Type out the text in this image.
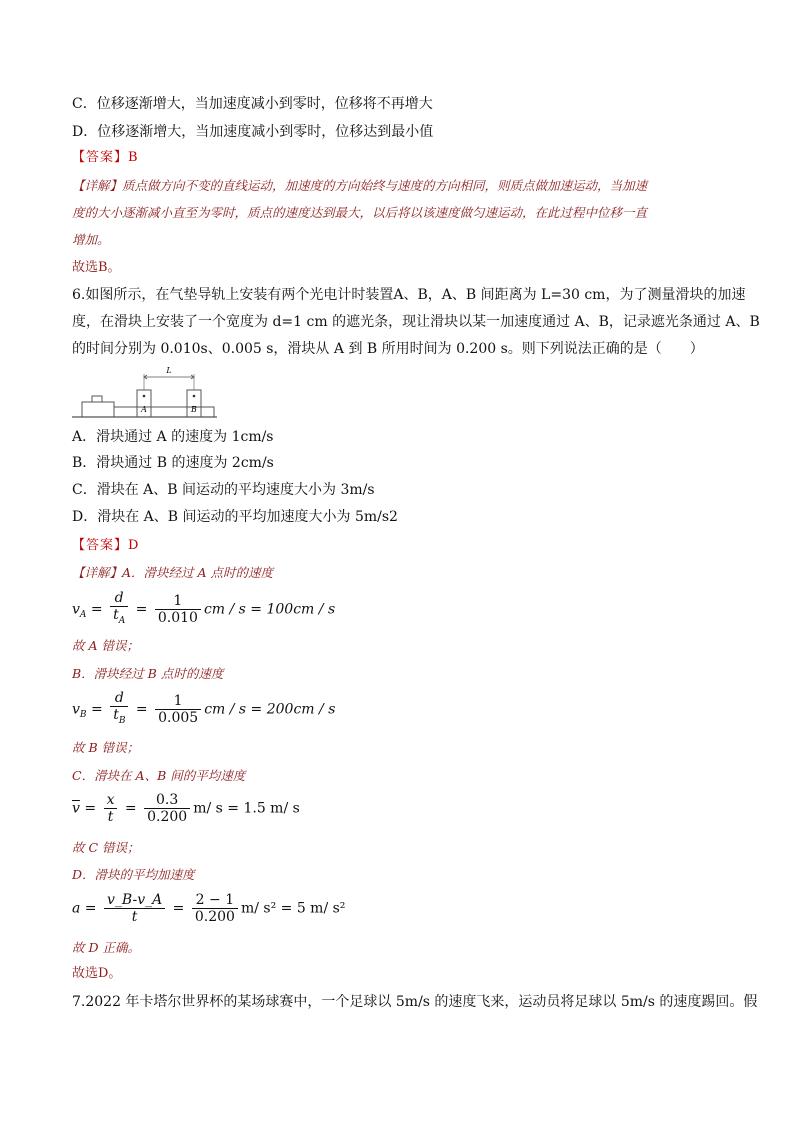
C．位移逐渐增大，当加速度减小到零时，位移将不再增大
D．位移逐渐增大，当加速度减小到零时，位移达到最小值
【答案】B
【详解】质点做方向不变的直线运动，加速度的方向始终与速度的方向相同，则质点做加速运动，当加速
度的大小逐渐减小直至为零时，质点的速度达到最大，以后将以该速度做匀速运动，在此过程中位移一直
增加。
故选B。
6.如图所示，在气垫导轨上安装有两个光电计时装置A、B，A、B 间距离为 L=30 cm，为了测量滑块的加速
度，在滑块上安装了一个宽度为 d=1 cm 的遮光条，现让滑块以某一加速度通过 A、B，记录遮光条通过 A、B
的时间分别为 0.010s、0.005 s，滑块从 A 到 B 所用时间为 0.200 s。则下列说法正确的是（　　）
L
A	B
A．滑块通过 A 的速度为 1cm/s
B．滑块通过 B 的速度为 2cm/s
C．滑块在 A、B 间运动的平均速度大小为 3m/s
D．滑块在 A、B 间运动的平均加速度大小为 5m/s2
【答案】D
【详解】A．滑块经过 A 点时的速度
$v_A = \frac{d}{t_A} = \frac{1}{0.010}$ cm / s = 100cm / s
故 A 错误；
B．滑块经过 B 点时的速度
$v_B = \frac{d}{t_B} = \frac{1}{0.005}$ cm / s = 200cm / s
故 B 错误；
C．滑块在 A、B 间的平均速度
$\overline{v} = \frac{x}{t} = \frac{0.3}{0.200} m/$ s = 1.5 m/ s
故 C 错误；
D．滑块的平均加速度
$a = \frac{v\_B-v\_A}{t} = \frac{2 - 1}{0.200} m/$ s² = 5 m/ s²
故 D 正确。
故选D。
7.2022 年卡塔尔世界杯的某场球赛中，一个足球以 5m/s 的速度飞来，运动员将足球以 5m/s 的速度踢回。假
